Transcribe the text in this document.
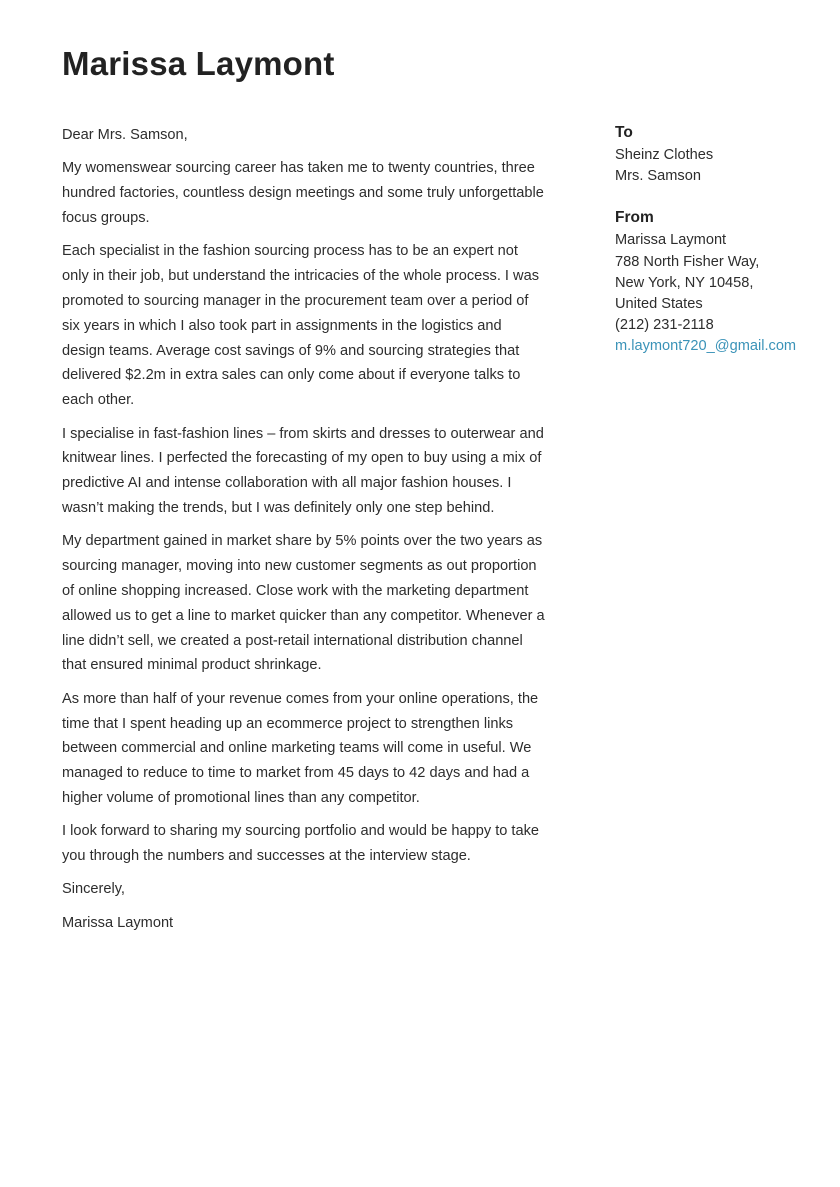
Marissa Laymont

Dear Mrs. Samson,

My womenswear sourcing career has taken me to twenty countries, three hundred factories, countless design meetings and some truly unforgettable focus groups.

Each specialist in the fashion sourcing process has to be an expert not only in their job, but understand the intricacies of the whole process. I was promoted to sourcing manager in the procurement team over a period of six years in which I also took part in assignments in the logistics and design teams. Average cost savings of 9% and sourcing strategies that delivered $2.2m in extra sales can only come about if everyone talks to each other.

I specialise in fast-fashion lines – from skirts and dresses to outerwear and knitwear lines. I perfected the forecasting of my open to buy using a mix of predictive AI and intense collaboration with all major fashion houses. I wasn’t making the trends, but I was definitely only one step behind.

My department gained in market share by 5% points over the two years as sourcing manager, moving into new customer segments as out proportion of online shopping increased. Close work with the marketing department allowed us to get a line to market quicker than any competitor. Whenever a line didn’t sell, we created a post-retail international distribution channel that ensured minimal product shrinkage.

As more than half of your revenue comes from your online operations, the time that I spent heading up an ecommerce project to strengthen links between commercial and online marketing teams will come in useful. We managed to reduce to time to market from 45 days to 42 days and had a higher volume of promotional lines than any competitor.

I look forward to sharing my sourcing portfolio and would be happy to take you through the numbers and successes at the interview stage.

Sincerely,

Marissa Laymont

To
Sheinz Clothes
Mrs. Samson
From
Marissa Laymont
788 North Fisher Way,
New York, NY 10458,
United States
(212) 231-2118
m.laymont720_@gmail.com
